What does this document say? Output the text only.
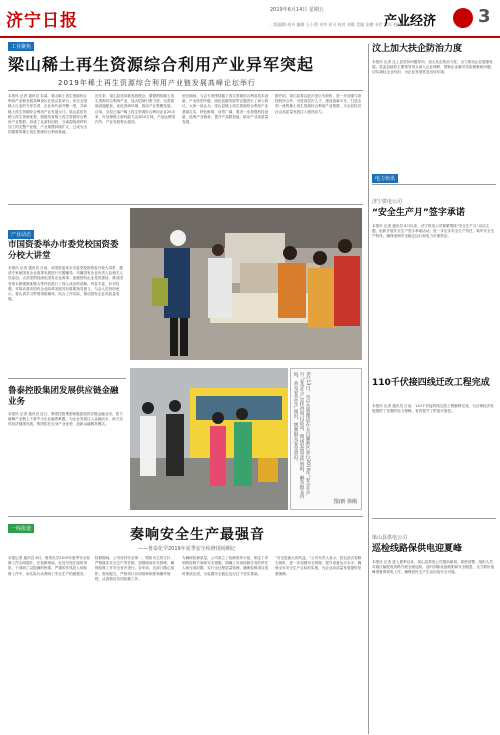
济宁日报
2019年6月14日 星期五
二版编辑 何卉 编辑 王小利 刊审 何可 校对 刘维 美编 张鹏 专栏 邹军 校对 刘维
产业经济 3
工业聚焦
梁山稀土再生资源综合利用产业异军突起
2019年稀土再生资源综合利用产业链发展高峰论坛举行
本报讯 记者 通讯员 本周，梁山稀土再生资源综合利用产业链发展高峰论坛在梁山县举行。来自全国稀土行业的专家学者、企业家代表齐聚一堂，共商稀土再生资源综合利用产业发展大计。梁山县依托稀土再生资源优势，积极培育稀土再生资源综合利用产业集群，形成了从废料回收、分离提纯到材料加工的完整产业链，产业规模持续扩大，已成为全国重要的稀土再生资源综合利用基地。
近年来，梁山县坚持新发展理念，紧紧围绕稀土再生资源综合利用产业，加大招商引资力度，完善基础设施配套，优化营商环境，推动产业集聚发展。目前，全县已落户稀土再生资源综合利用企业20余家，年处理稀土废料能力达到10万吨，产品远销国内外，产业发展势头强劲。
论坛期间，与会专家围绕稀土再生资源综合利用技术创新、产业转型升级、绿色低碳发展等议题进行了深入研讨。大家一致认为，梁山县稀土再生资源综合利用产业基础扎实、特色鲜明、前景广阔，要进一步加强科技创新，延伸产业链条，提升产品附加值，推动产业高质量发展。
据介绍，梁山县将以此次论坛为契机，进一步加强与高校院所合作，引进高层次人才，建设创新平台，打造全国一流的稀土再生资源综合利用产业集群，为全县经济社会高质量发展注入强劲动力。
产业动态
市国资委举办市委党校国资委分校大讲堂
本报讯 记者 通讯员 日前，市国资委举办市委党校国资委分校大讲堂，邀请专家就国有企业改革发展进行专题辅导。市属国有企业负责人及相关人员参加。大讲堂围绕深化国有企业改革、加强国有企业党的建设、推动国有资本做强做优做大等内容进行了深入浅出的讲解，内容丰富，针对性强，对推动我市国有企业改革发展具有重要指导意义。与会人员纷纷表示，将认真学习贯彻讲座精神，结合工作实际，推动国有企业高质量发展。
鲁泰控股集团发展供应链金融业务
本报讯 记者 通讯员 近日，鲁泰控股集团积极拓展供应链金融业务，着力破解产业链上下游中小企业融资难题，为企业发展注入金融活水，助力实体经济健康发展。集团依托自身产业优势，创新金融服务模式。	6月13日，市应急管理局在太白湖新区举行2019年“安全生产月”安全生产宣传咨询日活动，现场发放宣传资料，解答群众咨询，普及安全生产知识，增强群众安全意识。
图/新 徐刚
一线报道	奏响安全生产最强音
——鲁泰化学2019年夏季安全检修现场侧记
本报记者 通讯员 6月，鲁泰化学2019年夏季安全检修工作全面展开，在检修现场，处处可见忙碌的身影，干部职工以饱满的热情、严谨的作风投入到检修工作中，用实际行动奏响了安全生产的最强音。
检修期间，公司坚持安全第一、预防为主的方针，严格落实安全生产责任制，加强现场安全管理，确保检修工作安全有序进行。各车间、各部门精心组织、密切配合，严格执行各项规章制度和操作规程，认真做好各项检修工作。
为确保检修质量，公司成立了检修领导小组，制定了详细的检修方案和安全措施，明确了各项检修任务的责任人和完成时限，实行全过程质量管理，确保检修项目按时保质完成，为装置安全稳定运行打下坚实基础。
“安全是最大的效益。”公司负责人表示，将以此次检修为契机，进一步加强安全管理，提升设备运行水平，确保全年安全生产目标的实现，为企业高质量发展提供坚强保障。
汶上加大扶企防治力度
本报讯 记者 汶上县坚持问题导向，加大扶企防治力度，全力推动企业健康发展。县委县政府主要领导带头深入企业调研，帮助企业解决实际困难和问题，切实减轻企业负担，为企业发展营造良好环境。
电力快讯
济宁供电公司
“安全生产月”签字承诺
本报讯 记者 通讯员 6月以来，济宁供电公司紧紧围绕“安全生产月”活动主题，组织开展安全生产签字承诺活动，进一步压实安全生产责任，筑牢安全生产防线，确保电网安全稳定运行和电力可靠供应。
110千伏接四线迁改工程完成
本报讯 记者 通讯员 日前，110千伏接四线迁改工程顺利完成，为区域经济发展提供了坚强的电力保障，有效提升了供电可靠性。
梁山县供电公司
巡检线路保供电迎夏峰
本报讯 记者 进入夏季以来，梁山县供电公司提前谋划、周密部署，组织人员对辖区输配电线路开展全面巡检，及时消除设备缺陷和安全隐患，全力做好迎峰度夏保供电工作，确保居民生产生活用电安全可靠。
